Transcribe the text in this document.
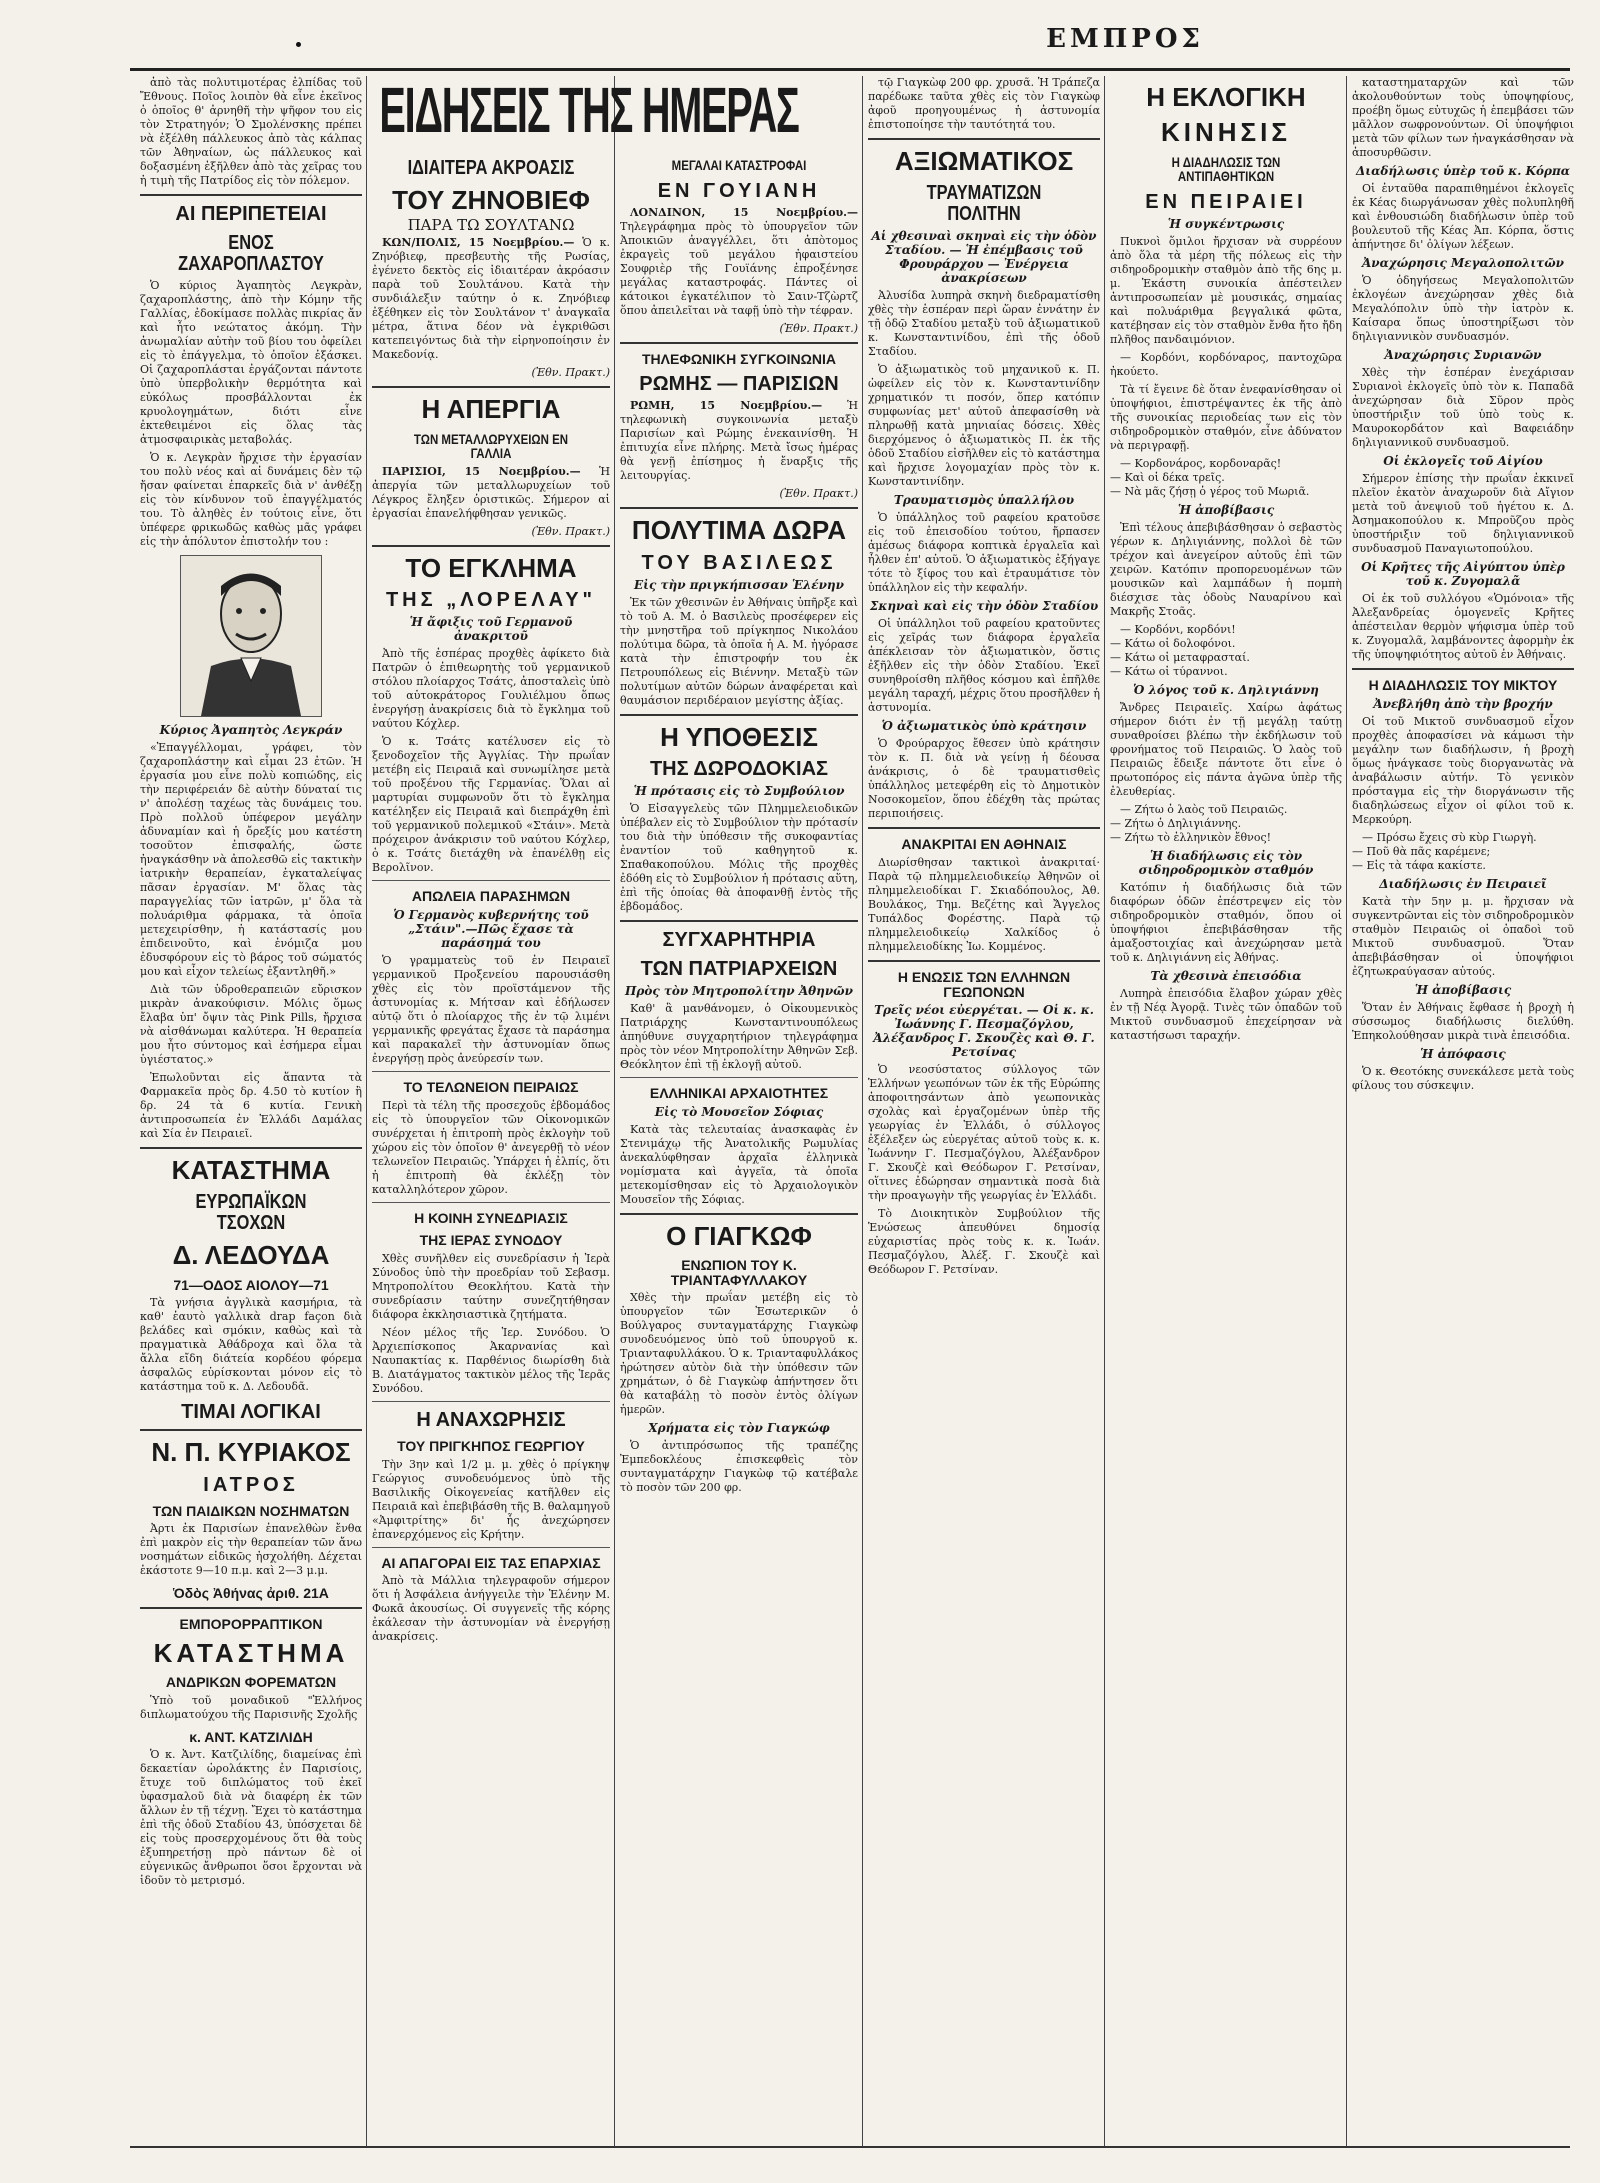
ΕΜΠΡΟΣ

ἀπὸ τὰς πολυτιμοτέρας ἐλπίδας τοῦ Ἔθνους. Ποῖος λοιπὸν θὰ εἶνε ἐκεῖνος ὁ ὁποῖος θ' ἀρνηθῆ τὴν ψῆφον του εἰς τὸν Στρατηγόν; Ὁ Σμολένσκης πρέπει νὰ ἐξέλθη πάλλευκος ἀπὸ τὰς κάλπας τῶν Ἀθηναίων, ὡς πάλλευκος καὶ δοξασμένη ἐξῆλθεν ἀπὸ τὰς χεῖρας του ἡ τιμὴ τῆς Πατρίδος εἰς τὸν πόλεμον.

ΑΙ ΠΕΡΙΠΕΤΕΙΑΙ
ΕΝΟΣ ΖΑΧΑΡΟΠΛΑΣΤΟΥ

Ὁ κύριος Ἀγαπητὸς Λεγκρὰν, ζαχαροπλάστης, ἀπὸ τὴν Κόμην τῆς Γαλλίας, ἐδοκίμασε πολλὰς πικρίας ἄν καὶ ἦτο νεώτατος ἀκόμη. Τὴν ἀνωμαλίαν αὐτὴν τοῦ βίου του ὀφείλει εἰς τὸ ἐπάγγελμα, τὸ ὁποῖον ἐξάσκει. Οἱ ζαχαροπλάσται ἐργάζονται πάντοτε ὑπὸ ὑπερβολικὴν θερμότητα καὶ εὐκόλως προσβάλλονται ἐκ κρυολογημάτων, διότι εἶνε ἐκτεθειμένοι εἰς ὅλας τὰς ἀτμοσφαιρικὰς μεταβολάς.

Ὁ κ. Λεγκρὰν ἤρχισε τὴν ἐργασίαν του πολὺ νέος καὶ αἱ δυνάμεις δὲν τῷ ἤσαν φαίνεται ἐπαρκεῖς διὰ ν' ἀνθέξῃ εἰς τὸν κίνδυνον τοῦ ἐπαγγέλματός του. Τὸ ἀληθὲς ἐν τούτοις εἶνε, ὅτι ὑπέφερε φρικωδῶς καθὼς μᾶς γράφει εἰς τὴν ἀπόλυτον ἐπιστολήν του :

Κύριος Ἀγαπητὸς Λεγκράν

«Ἐπαγγέλλομαι, γράφει, τὸν ζαχαροπλάστην καὶ εἶμαι 23 ἐτῶν. Ἡ ἐργασία μου εἶνε πολὺ κοπιώδης, εἰς τὴν περιφέρειάν δὲ αὐτὴν δύναταί τις ν' ἀπολέσῃ ταχέως τὰς δυνάμεις του. Πρὸ πολλοῦ ὑπέφερον μεγάλην ἀδυναμίαν καὶ ἡ ὄρεξίς μου κατέστη τοσοῦτον ἐπισφαλής, ὥστε ἠναγκάσθην νὰ ἀπολεσθῶ εἰς τακτικὴν ἰατρικὴν θεραπείαν, ἐγκαταλείψας πᾶσαν ἐργασίαν. Μ' ὅλας τὰς παραγγελίας τῶν ἰατρῶν, μ' ὅλα τὰ πολυάριθμα φάρμακα, τὰ ὁποῖα μετεχειρίσθην, ἡ κατάστασίς μου ἐπιδεινοῦτο, καὶ ἐνόμιζα μου ἐδυσφόρουν εἰς τὸ βάρος τοῦ σώματός μου καὶ εἶχον τελείως ἐξαντληθῆ.»

Διὰ τῶν ὑδροθεραπειῶν εὔρισκον μικρὰν ἀνακούφισιν. Μόλις ὅμως ἔλαβα ὑπ' ὄψιν τὰς Pink Pills, ἤρχισα νὰ αἰσθάνωμαι καλύτερα. Ἡ θεραπεία μου ἦτο σύντομος καὶ ἐσήμερα εἶμαι ὑγιέστατος.»

Ἐπωλοῦνται εἰς ἅπαντα τὰ Φαρμακεῖα πρὸς δρ. 4.50 τὸ κυτίον ἢ δρ. 24 τὰ 6 κυτία. Γενικὴ ἀντιπροσωπεία ἐν Ἑλλάδι Δαμάλας καὶ Σία ἐν Πειραιεῖ.

ΚΑΤΑΣΤΗΜΑ
ΕΥΡΩΠΑΪΚΩΝ ΤΣΟΧΩΝ
Δ. ΛΕΔΟΥΔΑ
71—ΟΔΟΣ ΑΙΟΛΟΥ—71

Τὰ γνήσια ἀγγλικὰ κασμήρια, τὰ καθ' ἑαυτὸ γαλλικὰ drap façon διὰ βελάδες καὶ σμόκιν, καθὼς καὶ τὰ πραγματικὰ Ἀθάδροχα καὶ ὅλα τὰ ἄλλα εἴδη διάτεία κορδέου φόρεμα ἀσφαλῶς εὑρίσκονται μόνον εἰς τὸ κατάστημα τοῦ κ. Δ. Λεδουδᾶ.

ΤΙΜΑΙ ΛΟΓΙΚΑΙ
Ν. Π. ΚΥΡΙΑΚΟΣ
ΙΑΤΡΟΣ
ΤΩΝ ΠΑΙΔΙΚΩΝ ΝΟΣΗΜΑΤΩΝ

Ἀρτι ἐκ Παρισίων ἐπανελθὼν ἔνθα ἐπὶ μακρὸν εἰς τὴν θεραπείαν τῶν ἄνω νοσημάτων εἰδικῶς ἠσχολήθη. Δέχεται ἑκάστοτε 9—10 π.μ. καὶ 2—3 μ.μ.

Ὁδὸς Ἀθήνας ἀριθ. 21Α
ΕΜΠΟΡΟΡΡΑΠΤΙΚΟΝ
ΚΑΤΑΣΤΗΜΑ
ΑΝΔΡΙΚΩΝ ΦΟΡΕΜΑΤΩΝ

Ὑπὸ τοῦ μοναδικοῦ "Ἑλλήνος διπλωματούχου τῆς Παρισινῆς Σχολῆς

κ. ΑΝΤ. ΚΑΤΖΙΛΙΔΗ

Ὁ κ. Ἀντ. Κατζιλίδης, διαμείνας ἐπὶ δεκαετίαν ὡρολάκτης ἐν Παρισίοις, ἔτυχε τοῦ διπλώματος τοῦ ἐκεῖ ὑφασμαλοῦ διὰ νὰ διαφέρη ἐκ τῶν ἄλλων ἐν τῇ τέχνῃ. Ἔχει τὸ κατάστημα ἐπὶ τῆς ὁδοῦ Σταδίου 43, ὑπόσχεται δὲ εἰς τοὺς προσερχομένους ὅτι θὰ τοὺς ἐξυπηρετήσῃ πρὸ πάντων δὲ οἱ εὐγενικῶς ἄνθρωποι ὅσοι ἔρχονται νὰ ἰδοῦν τὸ μετρισμό.

ΕΙΔΗΣΕΙΣ ΤΗΣ ΗΜΕΡΑΣ
ΙΔΙΑΙΤΕΡΑ ΑΚΡΟΑΣΙΣ
ΤΟΥ ΖΗΝΟΒΙΕΦ
ΠΑΡΑ ΤΩ ΣΟΥΛΤΑΝΩ

ΚΩΝ/ΠΟΛΙΣ, 15 Νοεμβρίου.— Ὁ κ. Ζηνόβιεφ, πρεσβευτὴς τῆς Ρωσίας, ἐγένετο δεκτὸς εἰς ἰδιαιτέραν ἀκρόασιν παρὰ τοῦ Σουλτάνου. Κατὰ τὴν συνδιάλεξιν ταύτην ὁ κ. Ζηνόβιεφ ἐξέθηκεν εἰς τὸν Σουλτάνον τ' ἀναγκαῖα μέτρα, ἅτινα δέον νὰ ἐγκριθῶσι κατεπειγόντως διὰ τὴν εἰρηνοποίησιν ἐν Μακεδονίᾳ.

(Ἐθν. Πρακτ.)

Η ΑΠΕΡΓΙΑ
ΤΩΝ ΜΕΤΑΛΛΩΡΥΧΕΙΩΝ ΕΝ ΓΑΛΛΙΑ

ΠΑΡΙΣΙΟΙ, 15 Νοεμβρίου.— Ἡ ἀπεργία τῶν μεταλλωρυχείων τοῦ Λέγκρος ἔληξεν ὁριστικῶς. Σήμερον αἱ ἐργασίαι ἐπανελήφθησαν γενικῶς.

(Ἐθν. Πρακτ.)

ΤΟ ΕΓΚΛΗΜΑ
ΤΗΣ „ΛΟΡΕΛΑΥ"
Ἡ ἄφιξις τοῦ Γερμανοῦ ἀνακριτοῦ

Ἀπὸ τῆς ἑσπέρας προχθὲς ἀφίκετο διὰ Πατρῶν ὁ ἐπιθεωρητὴς τοῦ γερμανικοῦ στόλου πλοίαρχος Τσάτς, ἀποσταλεὶς ὑπὸ τοῦ αὐτοκράτορος Γουλιέλμου ὅπως ἐνεργήσῃ ἀνακρίσεις διὰ τὸ ἔγκλημα τοῦ ναύτου Κόχλερ.

Ὁ κ. Τσάτς κατέλυσεν εἰς τὸ ξενοδοχεῖον τῆς Ἀγγλίας. Τὴν πρωΐαν μετέβη εἰς Πειραιᾶ καὶ συνωμίλησε μετὰ τοῦ προξένου τῆς Γερμανίας. Ὅλαι αἱ μαρτυρίαι συμφωνοῦν ὅτι τὸ ἔγκλημα κατέληξεν εἰς Πειραιᾶ καὶ διεπράχθη ἐπὶ τοῦ γερμανικοῦ πολεμικοῦ «Στάιν». Μετὰ πρόχειρον ἀνάκρισιν τοῦ ναύτου Κόχλερ, ὁ κ. Τσάτς διετάχθη νὰ ἐπανέλθῃ εἰς Βερολῖνον.

ΑΠΩΛΕΙΑ ΠΑΡΑΣΗΜΩΝ
Ὁ Γερμανὸς κυβερνήτης τοῦ „Στάιν".—Πῶς ἔχασε τὰ παράσημά του

Ὁ γραμματεὺς τοῦ ἐν Πειραιεῖ γερμανικοῦ Προξενείου παρουσιάσθη χθὲς εἰς τὸν προϊστάμενον τῆς ἀστυνομίας κ. Μήτσαν καὶ ἐδήλωσεν αὐτῷ ὅτι ὁ πλοίαρχος τῆς ἐν τῷ λιμένι γερμανικῆς φρεγάτας ἔχασε τὰ παράσημα καὶ παρακαλεῖ τὴν ἀστυνομίαν ὅπως ἐνεργήσῃ πρὸς ἀνεύρεσίν των.

ΤΟ ΤΕΛΩΝΕΙΟΝ ΠΕΙΡΑΙΩΣ

Περὶ τὰ τέλη τῆς προσεχοῦς ἑβδομάδος εἰς τὸ ὑπουργεῖον τῶν Οἰκονομικῶν συνέρχεται ἡ ἐπιτροπὴ πρὸς ἐκλογὴν τοῦ χώρου εἰς τὸν ὁποῖον θ' ἀνεγερθῇ τὸ νέον τελωνεῖον Πειραιῶς. Ὑπάρχει ἡ ἐλπίς, ὅτι ἡ ἐπιτροπὴ θὰ ἐκλέξῃ τὸν καταλληλότερον χῶρον.

Η ΚΟΙΝΗ ΣΥΝΕΔΡΙΑΣΙΣ
ΤΗΣ ΙΕΡΑΣ ΣΥΝΟΔΟΥ

Χθὲς συνῆλθεν εἰς συνεδρίασιν ἡ Ἱερὰ Σύνοδος ὑπὸ τὴν προεδρίαν τοῦ Σεβασμ. Μητροπολίτου Θεοκλήτου. Κατὰ τὴν συνεδρίασιν ταύτην συνεζητήθησαν διάφορα ἐκκλησιαστικὰ ζητήματα.

Νέον μέλος τῆς Ἱερ. Συνόδου. Ὁ Ἀρχιεπίσκοπος Ἀκαρνανίας καὶ Ναυπακτίας κ. Παρθένιος διωρίσθη διὰ Β. Διατάγματος τακτικὸν μέλος τῆς Ἱερᾶς Συνόδου.

Η ΑΝΑΧΩΡΗΣΙΣ
ΤΟΥ ΠΡΙΓΚΗΠΟΣ ΓΕΩΡΓΙΟΥ

Τὴν 3ην καὶ 1/2 μ. μ. χθὲς ὁ πρίγκηψ Γεώργιος συνοδευόμενος ὑπὸ τῆς Βασιλικῆς Οἰκογενείας κατῆλθεν εἰς Πειραιᾶ καὶ ἐπεβιβάσθη τῆς Β. θαλαμηγοῦ «Ἀμφιτρίτης» δι' ἧς ἀνεχώρησεν ἐπανερχόμενος εἰς Κρήτην.

ΑΙ ΑΠΑΓΟΡΑΙ ΕΙΣ ΤΑΣ ΕΠΑΡΧΙΑΣ

Ἀπὸ τὰ Μάλλια τηλεγραφοῦν σήμερον ὅτι ἡ Ἀσφάλεια ἀνήγγειλε τὴν Ἑλένην Μ. Φωκᾶ ἀκουσίως. Οἱ συγγενεῖς τῆς κόρης ἐκάλεσαν τὴν ἀστυνομίαν νὰ ἐνεργήσῃ ἀνακρίσεις.

ΜΕΓΑΛΑΙ ΚΑΤΑΣΤΡΟΦΑΙ
ΕΝ ΓΟΥΙΑΝΗ

ΛΟΝΔΙΝΟΝ, 15 Νοεμβρίου.— Τηλεγράφημα πρὸς τὸ ὑπουργεῖον τῶν Ἀποικιῶν ἀναγγέλλει, ὅτι ἀπὸτομος ἐκραγεὶς τοῦ μεγάλου ἡφαιστείου Σουφριὲρ τῆς Γουϊάνης ἐπροξένησε μεγάλας καταστροφάς. Πάντες οἱ κάτοικοι ἐγκατέλιπον τὸ Σαιν-Τζὼρτζ ὅπου ἀπειλεῖται νὰ ταφῇ ὑπὸ τὴν τέφραν.

(Ἐθν. Πρακτ.)

ΤΗΛΕΦΩΝΙΚΗ ΣΥΓΚΟΙΝΩΝΙΑ
ΡΩΜΗΣ — ΠΑΡΙΣΙΩΝ

ΡΩΜΗ, 15 Νοεμβρίου.— Ἡ τηλεφωνικὴ συγκοινωνία μεταξὺ Παρισίων καὶ Ρώμης ἐνεκαινίσθη. Ἡ ἐπιτυχία εἶνε πλήρης. Μετὰ ἴσως ἡμέρας θὰ γενῇ ἐπίσημος ἡ ἔναρξις τῆς λειτουργίας.

(Ἐθν. Πρακτ.)

ΠΟΛΥΤΙΜΑ ΔΩΡΑ
ΤΟΥ ΒΑΣΙΛΕΩΣ
Εἰς τὴν πριγκήπισσαν Ἑλένην

Ἐκ τῶν χθεσινῶν ἐν Ἀθήναις ὑπῆρξε καὶ τὸ τοῦ Α. Μ. ὁ Βασιλεὺς προσέφερεν εἰς τὴν μνηστῆρα τοῦ πρίγκηπος Νικολάου πολύτιμα δῶρα, τὰ ὁποῖα ἡ Α. Μ. ἠγόρασε κατὰ τὴν ἐπιστροφήν του ἐκ Πετρουπόλεως εἰς Βιέννην. Μεταξὺ τῶν πολυτίμων αὐτῶν δώρων ἀναφέρεται καὶ θαυμάσιον περιδέραιον μεγίστης ἀξίας.

Η ΥΠΟΘΕΣΙΣ
ΤΗΣ ΔΩΡΟΔΟΚΙΑΣ
Ἡ πρότασις εἰς τὸ Συμβούλιον

Ὁ Εἰσαγγελεὺς τῶν Πλημμελειοδικῶν ὑπέβαλεν εἰς τὸ Συμβούλιον τὴν πρότασίν του διὰ τὴν ὑπόθεσιν τῆς συκοφαντίας ἐναντίον τοῦ καθηγητοῦ κ. Σπαθακοπούλου. Μόλις τῆς προχθὲς ἐδόθη εἰς τὸ Συμβούλιον ἡ πρότασις αὕτη, ἐπὶ τῆς ὁποίας θὰ ἀποφανθῇ ἐντὸς τῆς ἑβδομάδος.

ΣΥΓΧΑΡΗΤΗΡΙΑ
ΤΩΝ ΠΑΤΡΙΑΡΧΕΙΩΝ
Πρὸς τὸν Μητροπολίτην Ἀθηνῶν

Καθ' ἃ μανθάνομεν, ὁ Οἰκουμενικὸς Πατριάρχης Κωνσταντινουπόλεως ἀπηύθυνε συγχαρητήριον τηλεγράφημα πρὸς τὸν νέον Μητροπολίτην Ἀθηνῶν Σεβ. Θεόκλητον ἐπὶ τῇ ἐκλογῇ αὐτοῦ.

ΕΛΛΗΝΙΚΑΙ ΑΡΧΑΙΟΤΗΤΕΣ
Εἰς τὸ Μουσεῖον Σόφιας

Κατὰ τὰς τελευταίας ἀνασκαφὰς ἐν Στενιμάχῳ τῆς Ἀνατολικῆς Ρωμυλίας ἀνεκαλύφθησαν ἀρχαῖα ἑλληνικὰ νομίσματα καὶ ἀγγεῖα, τὰ ὁποῖα μετεκομίσθησαν εἰς τὸ Ἀρχαιολογικὸν Μουσεῖον τῆς Σόφιας.

Ο ΓΙΑΓΚΩΦ
ΕΝΩΠΙΟΝ ΤΟΥ Κ. ΤΡΙΑΝΤΑΦΥΛΛΑΚΟΥ

Χθὲς τὴν πρωΐαν μετέβη εἰς τὸ ὑπουργεῖον τῶν Ἐσωτερικῶν ὁ Βούλγαρος συνταγματάρχης Γιαγκὼφ συνοδευόμενος ὑπὸ τοῦ ὑπουργοῦ κ. Τριανταφυλλάκου. Ὁ κ. Τριανταφυλλάκος ἠρώτησεν αὐτὸν διὰ τὴν ὑπόθεσιν τῶν χρημάτων, ὁ δὲ Γιαγκὼφ ἀπήντησεν ὅτι θὰ καταβάλῃ τὸ ποσὸν ἐντὸς ὀλίγων ἡμερῶν.

Χρήματα εἰς τὸν Γιαγκώφ

Ὁ ἀντιπρόσωπος τῆς τραπέζης Ἐμπεδοκλέους ἐπισκεφθεὶς τὸν συνταγματάρχην Γιαγκὼφ τῷ κατέβαλε τὸ ποσὸν τῶν 200 φρ.

τῷ Γιαγκὼφ 200 φρ. χρυσᾶ. Ἡ Τράπεζα παρέδωκε ταῦτα χθὲς εἰς τὸν Γιαγκὼφ ἀφοῦ προηγουμένως ἡ ἀστυνομία ἐπιστοποίησε τὴν ταυτότητά του.

ΑΞΙΩΜΑΤΙΚΟΣ
ΤΡΑΥΜΑΤΙΖΩΝ ΠΟΛΙΤΗΝ
Αἱ χθεσιναὶ σκηναὶ εἰς τὴν ὁδὸν Σταδίου. — Ἡ ἐπέμβασις τοῦ Φρουράρχου — Ἐνέργεια ἀνακρίσεων

Ἀλυσίδα λυπηρὰ σκηνὴ διεδραματίσθη χθὲς τὴν ἑσπέραν περὶ ὥραν ἐννάτην ἐν τῇ ὁδῷ Σταδίου μεταξὺ τοῦ ἀξιωματικοῦ κ. Κωνσταντινίδου, ἐπὶ τῆς ὁδοῦ Σταδίου.

Ὁ ἀξιωματικὸς τοῦ μηχανικοῦ κ. Π. ὠφείλεν εἰς τὸν κ. Κωνσταντινίδην χρηματικόν τι ποσόν, ὅπερ κατόπιν συμφωνίας μετ' αὐτοῦ ἀπεφασίσθη νὰ πληρωθῇ κατὰ μηνιαίας δόσεις. Χθὲς διερχόμενος ὁ ἀξιωματικὸς Π. ἐκ τῆς ὁδοῦ Σταδίου εἰσῆλθεν εἰς τὸ κατάστημα καὶ ἤρχισε λογομαχίαν πρὸς τὸν κ. Κωνσταντινίδην.

Τραυματισμὸς ὑπαλλήλου

Ὁ ὑπάλληλος τοῦ ραφείου κρατοῦσε εἰς τοῦ ἐπεισοδίου τούτου, ἤρπασεν ἀμέσως διάφορα κοπτικὰ ἐργαλεῖα καὶ ἦλθεν ἐπ' αὐτοῦ. Ὁ ἀξιωματικὸς ἐξήγαγε τότε τὸ ξίφος του καὶ ἐτραυμάτισε τὸν ὑπάλληλον εἰς τὴν κεφαλήν.

Σκηναὶ καὶ εἰς τὴν ὁδὸν Σταδίου

Οἱ ὑπάλληλοι τοῦ ραφείου κρατοῦντες εἰς χεῖράς των διάφορα ἐργαλεῖα ἀπέκλεισαν τὸν ἀξιωματικὸν, ὅστις ἐξῆλθεν εἰς τὴν ὁδὸν Σταδίου. Ἐκεῖ συνηθροίσθη πλῆθος κόσμου καὶ ἐπῆλθε μεγάλη ταραχή, μέχρις ὅτου προσῆλθεν ἡ ἀστυνομία.

Ὁ ἀξιωματικὸς ὑπὸ κράτησιν

Ὁ Φρούραρχος ἔθεσεν ὑπὸ κράτησιν τὸν κ. Π. διὰ νὰ γείνῃ ἡ δέουσα ἀνάκρισις, ὁ δὲ τραυματισθεὶς ὑπάλληλος μετεφέρθη εἰς τὸ Δημοτικὸν Νοσοκομεῖον, ὅπου ἐδέχθη τὰς πρώτας περιποιήσεις.

ΑΝΑΚΡΙΤΑΙ ΕΝ ΑΘΗΝΑΙΣ

Διωρίσθησαν τακτικοὶ ἀνακριταί· Παρὰ τῷ πλημμελειοδικείῳ Ἀθηνῶν οἱ πλημμελειοδίκαι Γ. Σκιαδόπουλος, Ἀθ. Βουλάκος, Τημ. Βεζέτης καὶ Ἄγγελος Τυπάλδος Φορέστης. Παρὰ τῷ πλημμελειοδικείῳ Χαλκίδος ὁ πλημμελειοδίκης Ἰω. Κομμένος.

Η ΕΝΩΣΙΣ ΤΩΝ ΕΛΛΗΝΩΝ ΓΕΩΠΟΝΩΝ
Τρεῖς νέοι εὐεργέται. — Οἱ κ. κ. Ἰωάννης Γ. Πεσμαζόγλου, Ἀλέξανδρος Γ. Σκουζὲς καὶ Θ. Γ. Ρετσίνας

Ὁ νεοσύστατος σύλλογος τῶν Ἑλλήνων γεωπόνων τῶν ἐκ τῆς Εὐρώπης ἀποφοιτησάντων ἀπὸ γεωπονικὰς σχολὰς καὶ ἐργαζομένων ὑπὲρ τῆς γεωργίας ἐν Ἑλλάδι, ὁ σύλλογος ἐξέλεξεν ὡς εὐεργέτας αὐτοῦ τοὺς κ. κ. Ἰωάννην Γ. Πεσμαζόγλου, Ἀλέξανδρον Γ. Σκουζὲ καὶ Θεόδωρον Γ. Ρετσίναν, οἵτινες ἐδώρησαν σημαντικὰ ποσὰ διὰ τὴν προαγωγὴν τῆς γεωργίας ἐν Ἑλλάδι.

Τὸ Διοικητικὸν Συμβούλιον τῆς Ἑνώσεως ἀπευθύνει δημοσίᾳ εὐχαριστίας πρὸς τοὺς κ. κ. Ἰωάν. Πεσμαζόγλου, Ἀλέξ. Γ. Σκουζὲ καὶ Θεόδωρον Γ. Ρετσίναν.

Η ΕΚΛΟΓΙΚΗ
ΚΙΝΗΣΙΣ
Η ΔΙΑΔΗΛΩΣΙΣ ΤΩΝ ΑΝΤΙΠΑΘΗΤΙΚΩΝ
ΕΝ ΠΕΙΡΑΙΕΙ
Ἡ συγκέντρωσις

Πυκνοὶ ὅμιλοι ἤρχισαν νὰ συρρέουν ἀπὸ ὅλα τὰ μέρη τῆς πόλεως εἰς τὴν σιδηροδρομικὴν σταθμὸν ἀπὸ τῆς 6ης μ. μ. Ἑκάστη συνοικία ἀπέστειλεν ἀντιπροσωπείαν μὲ μουσικάς, σημαίας καὶ πολυάριθμα βεγγαλικά φῶτα, κατέβησαν εἰς τὸν σταθμὸν ἔνθα ἤτο ἤδη πλῆθος πανδαιμόνιον.

— Κορδόνι, κορδόναρος, παντοχῶρα ἠκούετο.

Τὰ τί ἔγεινε δὲ ὅταν ἐνεφανίσθησαν οἱ ὑποψήφιοι, ἐπιστρέψαντες ἐκ τῆς ἀπὸ τῆς συνοικίας περιοδείας των εἰς τὸν σιδηροδρομικὸν σταθμόν, εἶνε ἀδύνατον νὰ περιγραφῇ.

— Κορδονάρος, κορδοναρᾶς!
— Καὶ οἱ δέκα τρεῖς.
— Νὰ μᾶς ζήσῃ ὁ γέρος τοῦ Μωριᾶ.

Ἡ ἀποβίβασις

Ἐπὶ τέλους ἀπεβιβάσθησαν ὁ σεβαστὸς γέρων κ. Δηλιγιάννης, πολλοὶ δὲ τῶν τρέχον καὶ ἀνεγείρον αὐτοῦς ἐπὶ τῶν χειρῶν. Κατόπιν προπορευομένων τῶν μουσικῶν καὶ λαμπάδων ἡ πομπὴ διέσχισε τὰς ὁδοὺς Ναυαρίνου καὶ Μακρῆς Στοᾶς.

— Κορδόνι, κορδόνι!
— Κάτω οἱ δολοφόνοι.
— Κάτω οἱ μεταφρασταί.
— Κάτω οἱ τύραννοι.

Ὁ λόγος τοῦ κ. Δηλιγιάννη

Ἄνδρες Πειραιεῖς. Χαίρω ἀφάτως σήμερον διότι ἐν τῇ μεγάλῃ ταύτῃ συναθροίσει βλέπω τὴν ἐκδήλωσιν τοῦ φρονήματος τοῦ Πειραιῶς. Ὁ λαὸς τοῦ Πειραιῶς ἔδειξε πάντοτε ὅτι εἶνε ὁ πρωτοπόρος εἰς πάντα ἀγῶνα ὑπὲρ τῆς ἐλευθερίας.

— Ζήτω ὁ λαὸς τοῦ Πειραιῶς.
— Ζήτω ὁ Δηλιγιάννης.
— Ζήτω τὸ ἑλληνικὸν ἔθνος!

Ἡ διαδήλωσις εἰς τὸν σιδηροδρομικὸν σταθμόν

Κατόπιν ἡ διαδήλωσις διὰ τῶν διαφόρων ὁδῶν ἐπέστρεψεν εἰς τὸν σιδηροδρομικὸν σταθμόν, ὅπου οἱ ὑποψήφιοι ἐπεβιβάσθησαν τῆς ἁμαξοστοιχίας καὶ ἀνεχώρησαν μετὰ τοῦ κ. Δηλιγιάννη εἰς Ἀθήνας.

Τὰ χθεσινὰ ἐπεισόδια

Λυπηρὰ ἐπεισόδια ἔλαβον χώραν χθὲς ἐν τῇ Νέᾳ Ἀγορᾷ. Τινὲς τῶν ὀπαδῶν τοῦ Μικτοῦ συνδυασμοῦ ἐπεχείρησαν νὰ καταστήσωσι ταραχήν.

καταστηματαρχῶν καὶ τῶν ἀκολουθούντων τοὺς ὑποψηφίους, προέβη ὅμως εὐτυχῶς ἡ ἐπεμβάσει τῶν μᾶλλον σωφρονούντων. Οἱ ὑποψήφιοι μετὰ τῶν φίλων των ἠναγκάσθησαν νὰ ἀποσυρθῶσιν.

Διαδήλωσις ὑπὲρ τοῦ κ. Κόρπα

Οἱ ἐνταῦθα παραπιθημένοι ἐκλογεῖς ἐκ Κέας διωργάνωσαν χθὲς πολυπληθῆ καὶ ἐνθουσιώδη διαδήλωσιν ὑπὲρ τοῦ βουλευτοῦ τῆς Κέας Ἀπ. Κόρπα, ὅστις ἀπήντησε δι' ὀλίγων λέξεων.

Ἀναχώρησις Μεγαλοπολιτῶν

Ὁ ὁδηγήσεως Μεγαλοπολιτῶν ἐκλογέων ἀνεχώρησαν χθὲς διὰ Μεγαλόπολιν ὑπὸ τὴν ἰατρὸν κ. Καίσαρα ὅπως ὑποστηρίξωσι τὸν δηλιγιαννικὸν συνδυασμόν.

Ἀναχώρησις Συριανῶν

Χθὲς τὴν ἑσπέραν ἐνεχάρισαν Συριανοὶ ἐκλογεῖς ὑπὸ τὸν κ. Παπαδᾶ ἀνεχώρησαν διὰ Σῦρον πρὸς ὑποστήριξιν τοῦ ὑπὸ τοὺς κ. Μαυροκορδάτον καὶ Βαφειάδην δηλιγιαννικοῦ συνδυασμοῦ.

Οἱ ἐκλογεῖς τοῦ Αἰγίου

Σήμερον ἐπίσης τὴν πρωΐαν ἐκκινεῖ πλεῖον ἑκατὸν ἀναχωροῦν διὰ Αἴγιον μετὰ τοῦ ἀνεψιοῦ τοῦ ἡγέτου κ. Δ. Ἀσημακοπούλου κ. Μπροῦζου πρὸς ὑποστήριξιν τοῦ δηλιγιαννικοῦ συνδυασμοῦ Παναγιωτοπούλου.

Οἱ Κρῆτες τῆς Αἰγύπτου ὑπὲρ τοῦ κ. Ζυγομαλᾶ

Οἱ ἐκ τοῦ συλλόγου «Ὁμόνοια» τῆς Ἀλεξανδρείας ὁμογενεῖς Κρῆτες ἀπέστειλαν θερμὸν ψήφισμα ὑπὲρ τοῦ κ. Ζυγομαλᾶ, λαμβάνοντες ἀφορμὴν ἐκ τῆς ὑποψηφιότητος αὐτοῦ ἐν Ἀθήναις.

Η ΔΙΑΔΗΛΩΣΙΣ ΤΟΥ ΜΙΚΤΟΥ
Ἀνεβλήθη ἀπὸ τὴν βροχήν

Οἱ τοῦ Μικτοῦ συνδυασμοῦ εἶχον προχθὲς ἀποφασίσει νὰ κάμωσι τὴν μεγάλην των διαδήλωσιν, ἡ βροχὴ ὅμως ἠνάγκασε τοὺς διοργανωτὰς νὰ ἀναβάλωσιν αὐτήν. Τὸ γενικὸν πρόσταγμα εἰς τὴν διοργάνωσιν τῆς διαδηλώσεως εἶχον οἱ φίλοι τοῦ κ. Μερκούρη.

— Πρόσω ἔχεις σὺ κὺρ Γιωργὴ.
— Ποῦ θὰ πᾶς καρέμενε;
— Εἰς τὰ τάφα κακίστε.

Διαδήλωσις ἐν Πειραιεῖ

Κατὰ τὴν 5ην μ. μ. ἤρχισαν νὰ συγκεντρῶνται εἰς τὸν σιδηροδρομικὸν σταθμὸν Πειραιῶς οἱ ὀπαδοὶ τοῦ Μικτοῦ συνδυασμοῦ. Ὅταν ἀπεβιβάσθησαν οἱ ὑποψήφιοι ἐζητωκραύγασαν αὐτούς.

Ἡ ἀποβίβασις

Ὅταν ἐν Ἀθήναις ἔφθασε ἡ βροχὴ ἡ σύσσωμος διαδήλωσις διελύθη. Ἐπηκολούθησαν μικρὰ τινὰ ἐπεισόδια.

Ἡ ἀπόφασις

Ὁ κ. Θεοτόκης συνεκάλεσε μετὰ τοὺς φίλους του σύσκεψιν.
